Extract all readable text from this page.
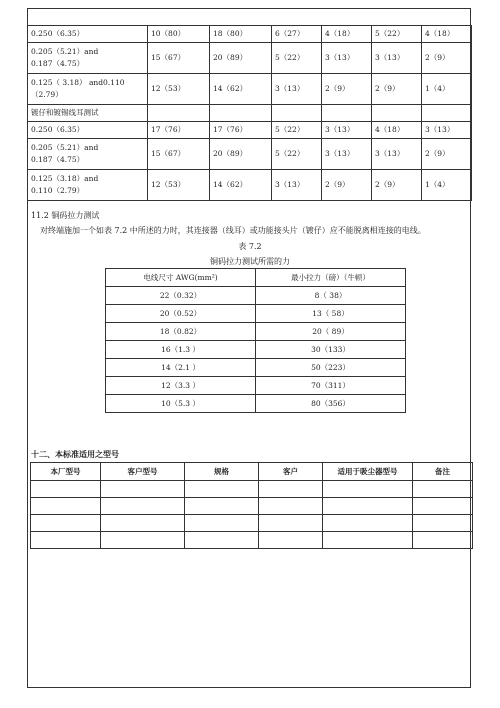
0.250（6.35）	10（80）	18（80）	6（27）	4（18）	5（22）	4（18）
0.205（5.21）and
0.187（4.75）	15（67）	20（89）	5（22）	3（13）	3（13）	2（9）
0.125（ 3.18） and0.110
（2.79）	12（53）	14（62）	3（13）	2（9）	2（9）	1（4）
镀仔和镀锡线耳测试						
0.250（6.35）	17（76）	17（76）	5（22）	3（13）	4（18）	3（13）
0.205（5.21）and
0.187（4.75）	15（67）	20（89）	5（22）	3（13）	3（13）	2（9）
0.125（3.18）and
0.110（2.79）	12（53）	14（62）	3（13）	2（9）	2（9）	1（4）
11.2 铜码拉力测试
对终端施加一个如表 7.2 中所述的力时，其连接器（线耳）或功能接头片（镀仔）应不能脱离相连接的电线。
表 7.2
铜码拉力测试所需的力
电线尺寸 AWG(mm²)	最小拉力（磅）（牛顿）
22（0.32）	8（ 38）
20（0.52）	13（ 58）
18（0.82）	20（ 89）
16（1.3 ）	30（133）
14（2.1 ）	50（223）
12（3.3 ）	70（311）
10（5.3 ）	80（356）
十二、本标准适用之型号
本厂型号	客户型号	规格	客户	适用于吸尘器型号	备注
